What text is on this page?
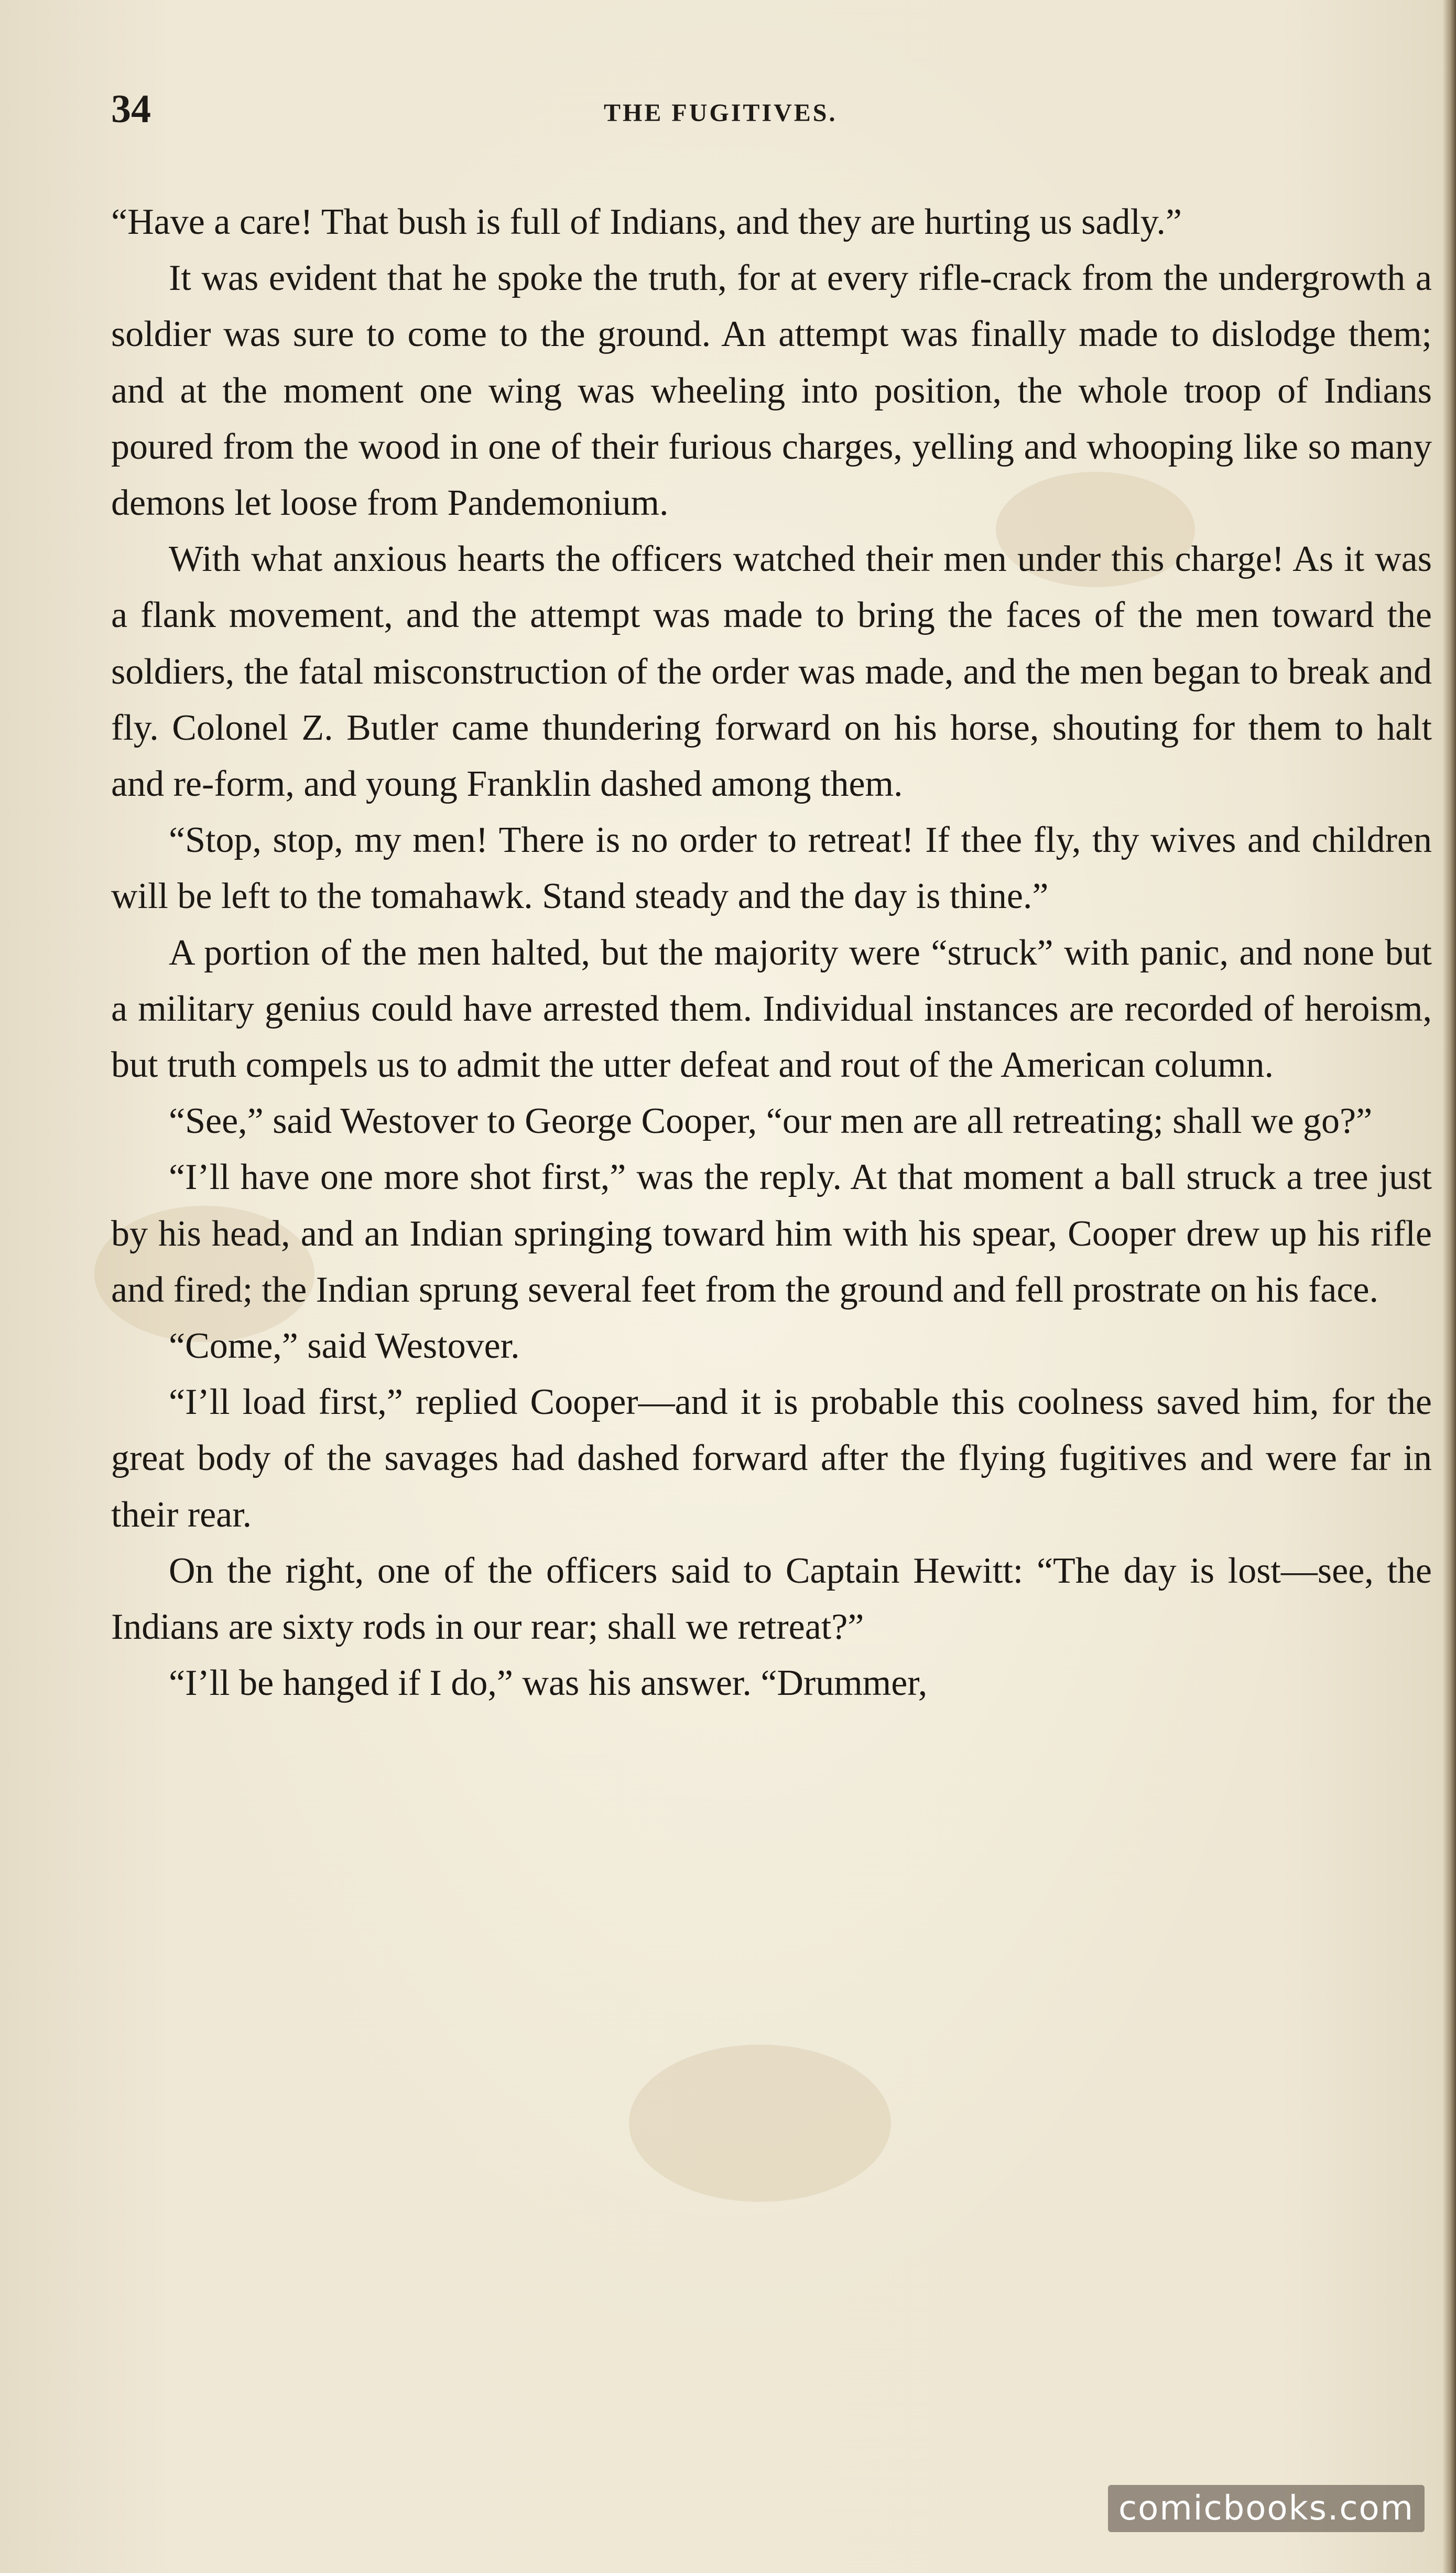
34	THE FUGITIVES.

“Have a care! That bush is full of Indians, and they are hurting us sadly.”

It was evident that he spoke the truth, for at every rifle-crack from the undergrowth a soldier was sure to come to the ground. An attempt was finally made to dislodge them; and at the moment one wing was wheeling into position, the whole troop of Indians poured from the wood in one of their furious charges, yelling and whooping like so many demons let loose from Pandemonium.

With what anxious hearts the officers watched their men under this charge! As it was a flank movement, and the attempt was made to bring the faces of the men toward the soldiers, the fatal misconstruction of the order was made, and the men began to break and fly. Colonel Z. Butler came thundering forward on his horse, shouting for them to halt and re-form, and young Franklin dashed among them.

“Stop, stop, my men! There is no order to retreat! If thee fly, thy wives and children will be left to the tomahawk. Stand steady and the day is thine.”

A portion of the men halted, but the majority were “struck” with panic, and none but a military genius could have arrested them. Individual instances are recorded of heroism, but truth compels us to admit the utter defeat and rout of the American column.

“See,” said Westover to George Cooper, “our men are all retreating; shall we go?”

“I’ll have one more shot first,” was the reply. At that moment a ball struck a tree just by his head, and an Indian springing toward him with his spear, Cooper drew up his rifle and fired; the Indian sprung several feet from the ground and fell prostrate on his face.

“Come,” said Westover.

“I’ll load first,” replied Cooper—and it is probable this coolness saved him, for the great body of the savages had dashed forward after the flying fugitives and were far in their rear.

On the right, one of the officers said to Captain Hewitt: “The day is lost—see, the Indians are sixty rods in our rear; shall we retreat?”

“I’ll be hanged if I do,” was his answer. “Drummer,

comicbooks.com
